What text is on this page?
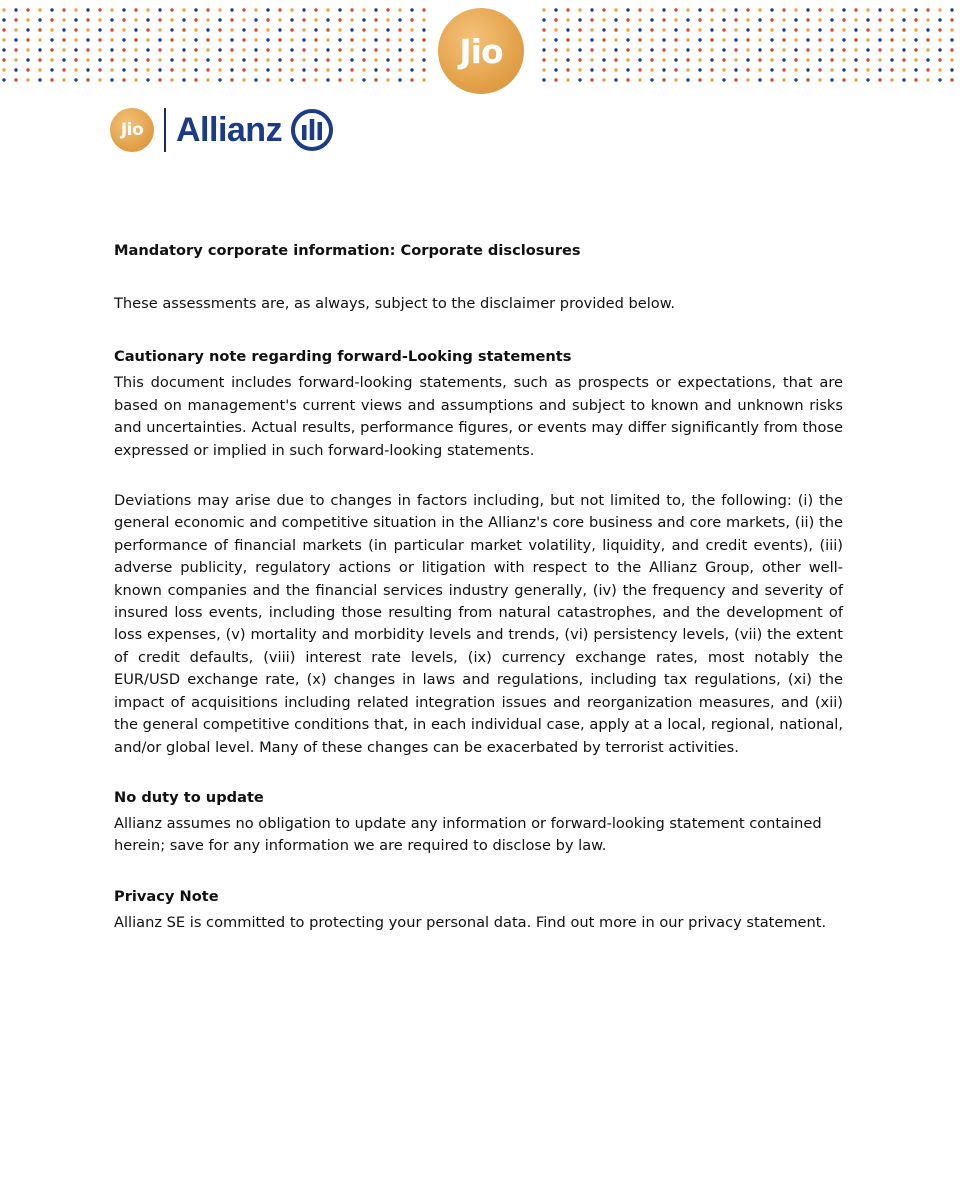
Jio
Jio Allianz
Mandatory corporate information: Corporate disclosures

These assessments are, as always, subject to the disclaimer provided below.

Cautionary note regarding forward-Looking statements

This document includes forward-looking statements, such as prospects or expectations, that are based on management's current views and assumptions and subject to known and unknown risks and uncertainties. Actual results, performance figures, or events may differ significantly from those expressed or implied in such forward-looking statements.

Deviations may arise due to changes in factors including, but not limited to, the following: (i) the general economic and competitive situation in the Allianz's core business and core markets, (ii) the performance of financial markets (in particular market volatility, liquidity, and credit events), (iii) adverse publicity, regulatory actions or litigation with respect to the Allianz Group, other well-known companies and the financial services industry generally, (iv) the frequency and severity of insured loss events, including those resulting from natural catastrophes, and the development of loss expenses, (v) mortality and morbidity levels and trends, (vi) persistency levels, (vii) the extent of credit defaults, (viii) interest rate levels, (ix) currency exchange rates, most notably the EUR/USD exchange rate, (x) changes in laws and regulations, including tax regulations, (xi) the impact of acquisitions including related integration issues and reorganization measures, and (xii) the general competitive conditions that, in each individual case, apply at a local, regional, national, and/or global level. Many of these changes can be exacerbated by terrorist activities.

No duty to update

Allianz assumes no obligation to update any information or forward-looking statement contained herein; save for any information we are required to disclose by law.

Privacy Note

Allianz SE is committed to protecting your personal data. Find out more in our privacy statement.
